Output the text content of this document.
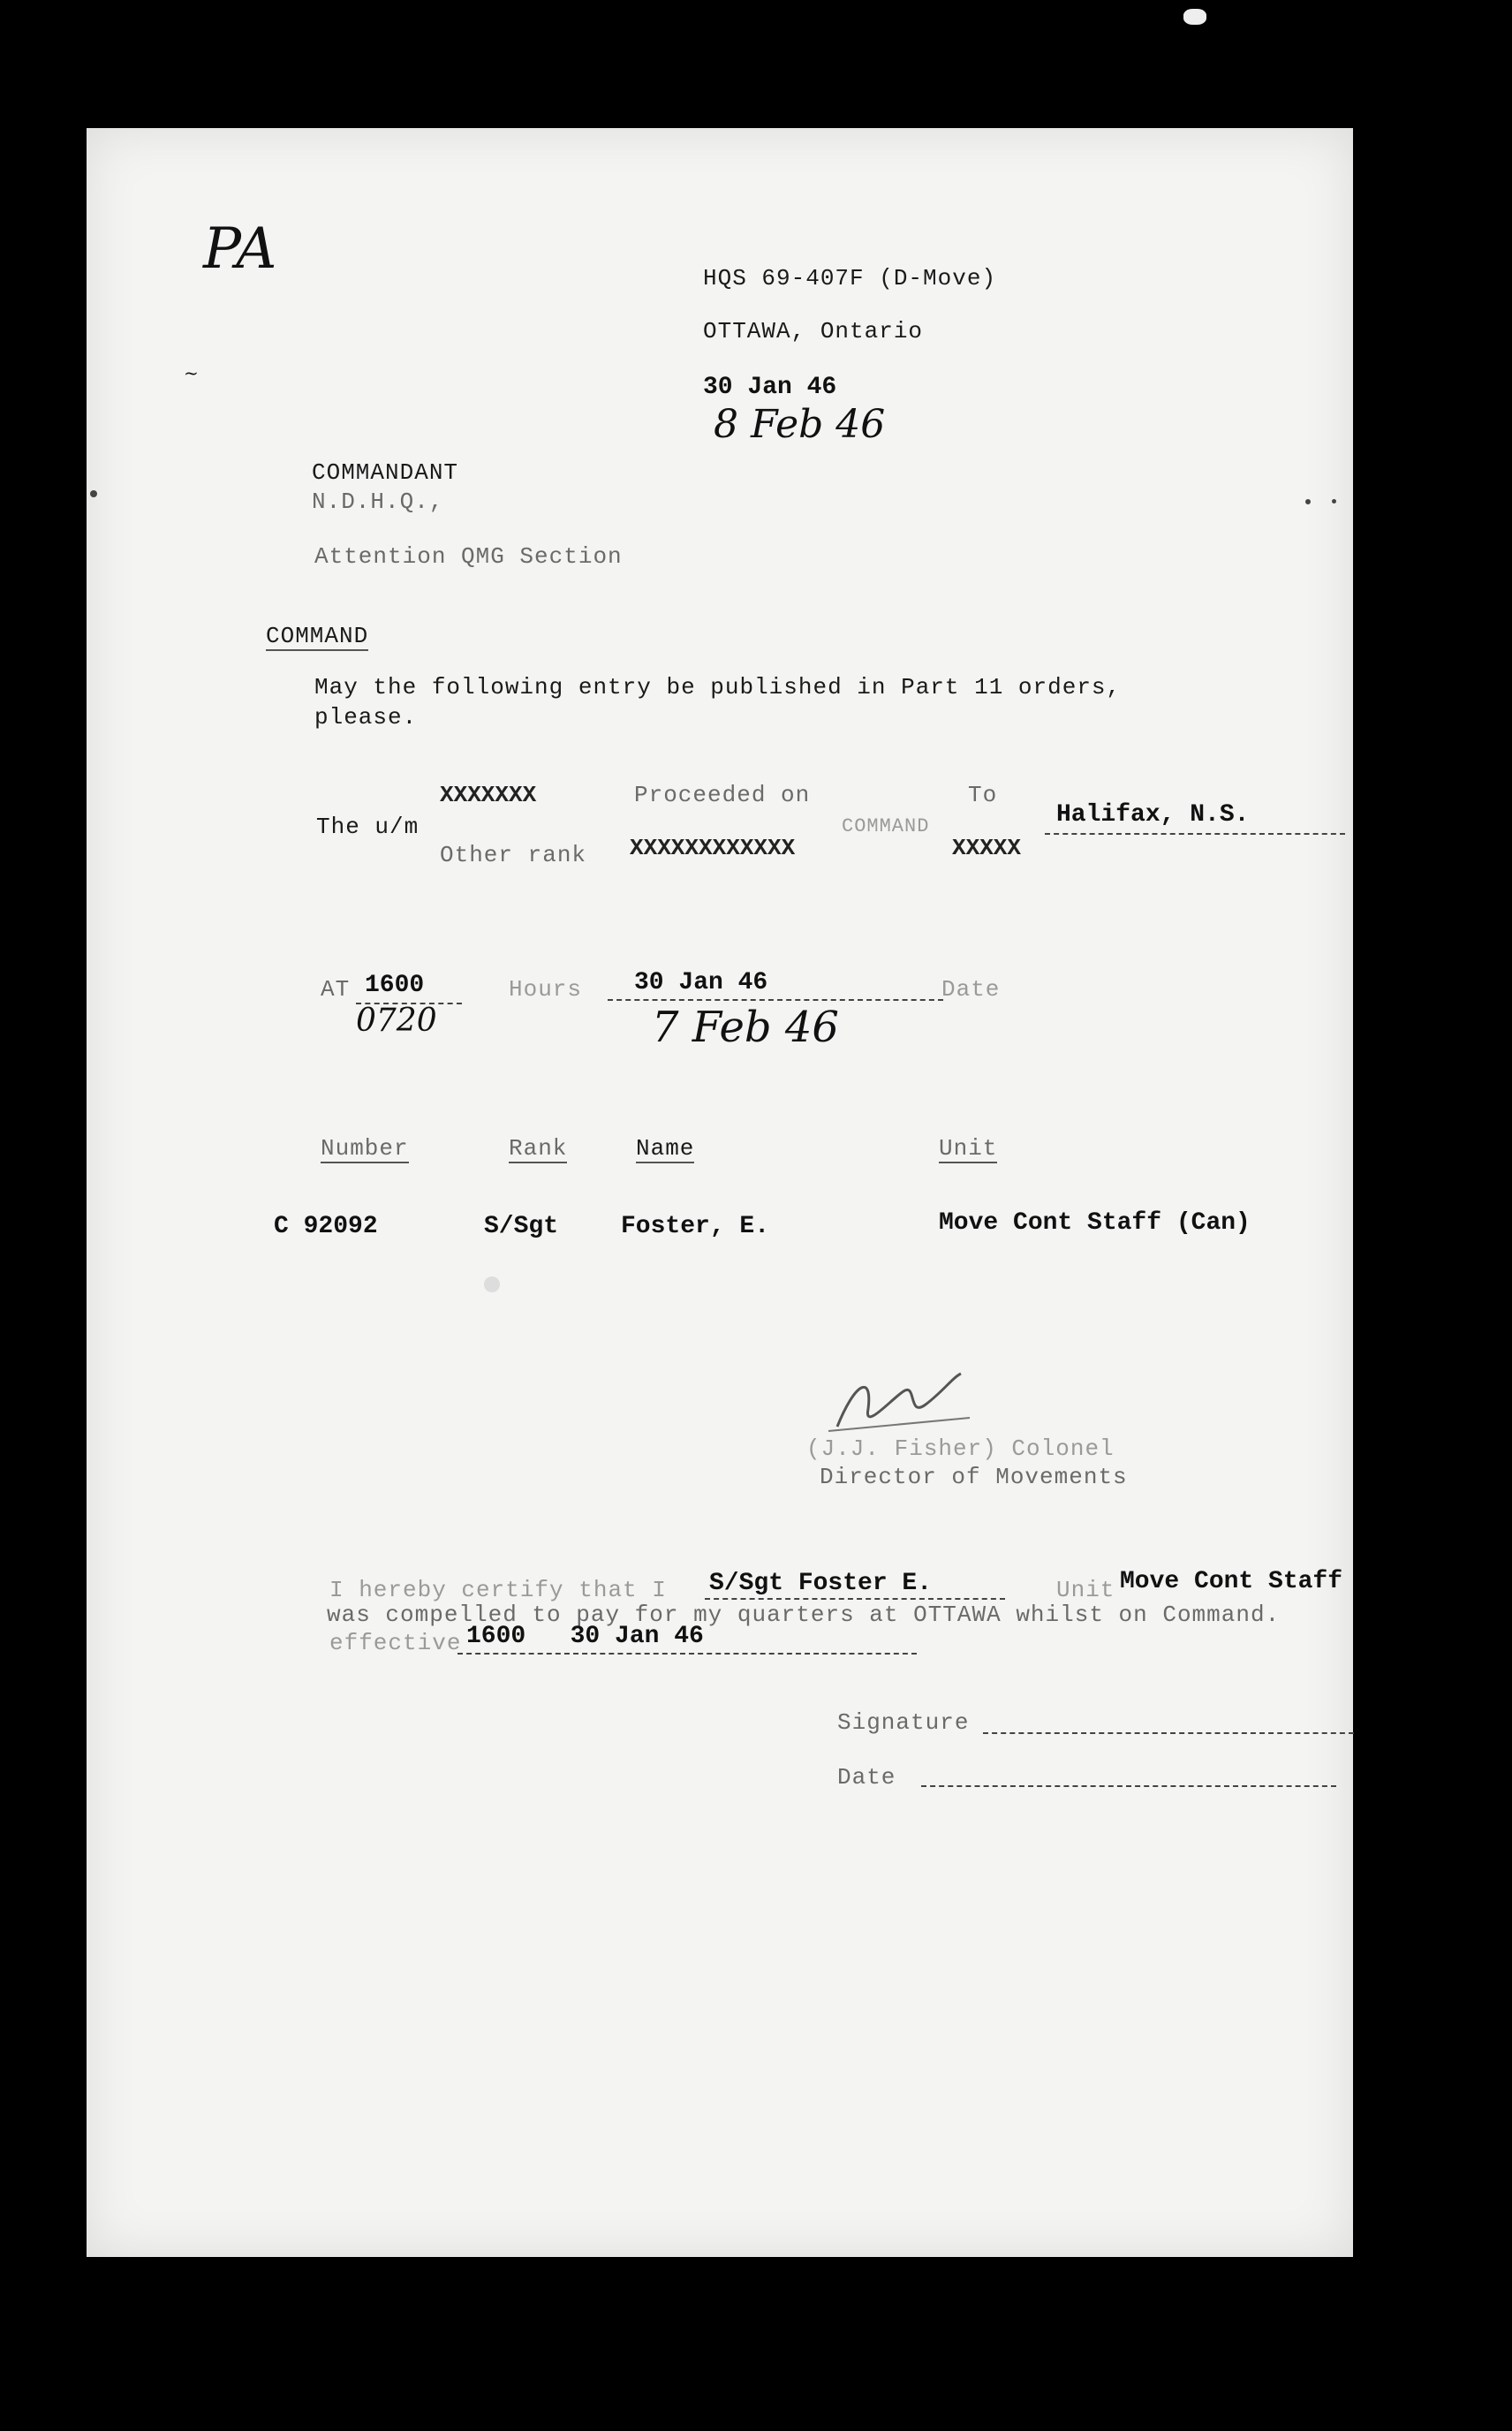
PA
~
HQS 69-407F (D-Move)
OTTAWA, Ontario
30 Jan 46
8 Feb 46
COMMANDANT
N.D.H.Q.,
Attention QMG Section
COMMAND
May the following entry be published in Part 11 orders,
please.
XXXXXXX
The u/m
Other rank
Proceeded on
XXXXXXXXXXXX
COMMAND
To
XXXXX
Halifax, N.S.
AT 1600
0720
Hours 30 Jan 46
7 Feb 46
Date
Number	Rank	Name	Unit
C 92092	S/Sgt	Foster, E.	Move Cont Staff (Can)
(J.J. Fisher) Colonel
Director of Movements
I hereby certify that I S/Sgt Foster E.	Unit Move Cont Staff
was compelled to pay for my quarters at OTTAWA whilst on Command.
effective 1600   30 Jan 46
Signature
Date
